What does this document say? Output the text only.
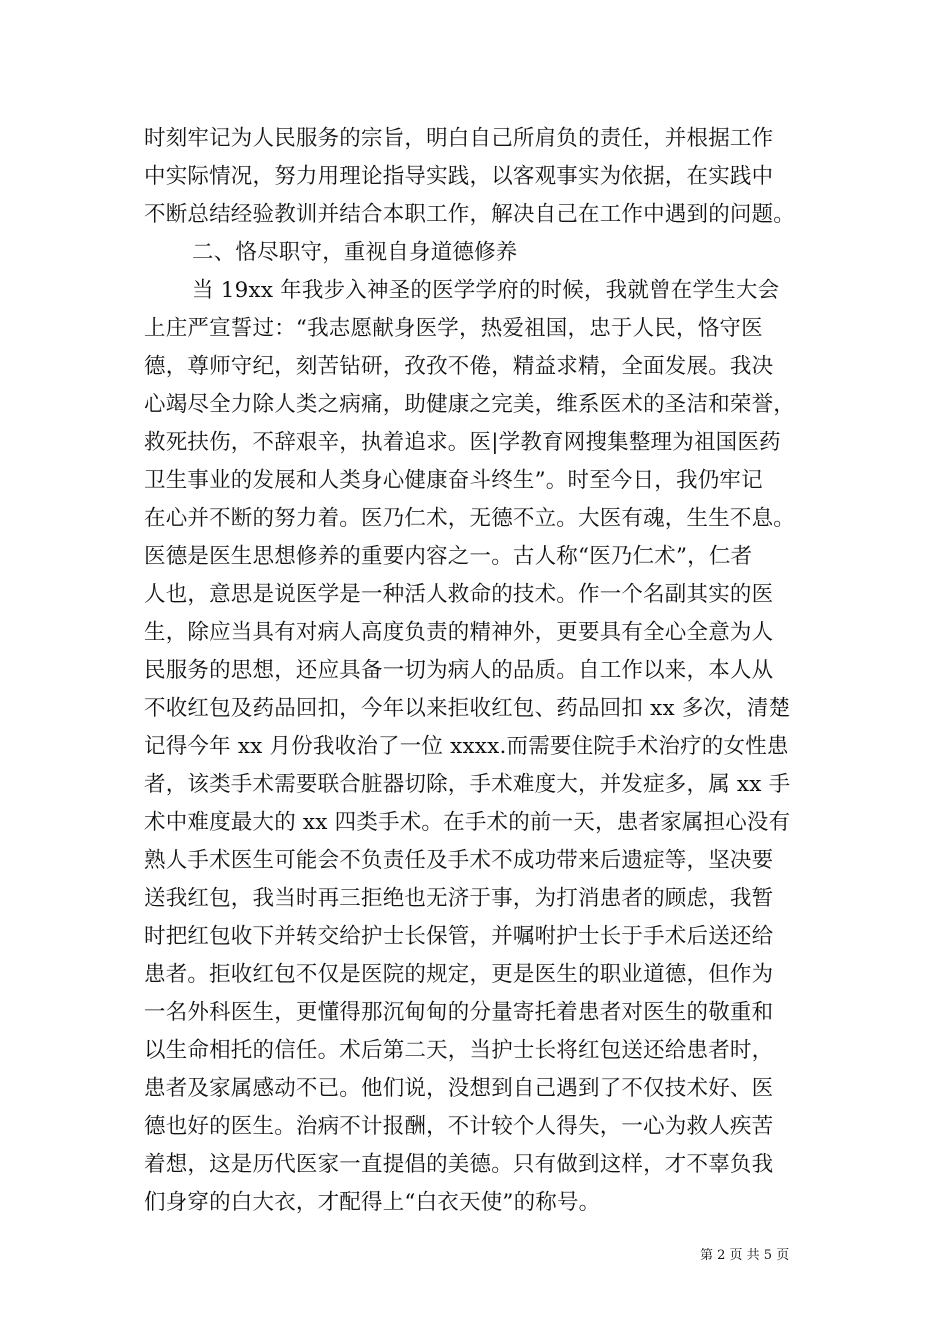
时刻牢记为人民服务的宗旨，明白自己所肩负的责任，并根据工作
中实际情况，努力用理论指导实践，以客观事实为依据，在实践中
不断总结经验教训并结合本职工作，解决自己在工作中遇到的问题。
二、恪尽职守，重视自身道德修养
当 19xx 年我步入神圣的医学学府的时候，我就曾在学生大会
上庄严宣誓过：“我志愿献身医学，热爱祖国，忠于人民，恪守医
德，尊师守纪，刻苦钻研，孜孜不倦，精益求精，全面发展。我决
心竭尽全力除人类之病痛，助健康之完美，维系医术的圣洁和荣誉，
救死扶伤，不辞艰辛，执着追求。医|学教育网搜集整理为祖国医药
卫生事业的发展和人类身心健康奋斗终生”。时至今日，我仍牢记
在心并不断的努力着。医乃仁术，无德不立。大医有魂，生生不息。
医德是医生思想修养的重要内容之一。古人称“医乃仁术”，仁者
人也，意思是说医学是一种活人救命的技术。作一个名副其实的医
生，除应当具有对病人高度负责的精神外，更要具有全心全意为人
民服务的思想，还应具备一切为病人的品质。自工作以来，本人从
不收红包及药品回扣，今年以来拒收红包、药品回扣 xx 多次，清楚
记得今年 xx 月份我收治了一位 xxxx.而需要住院手术治疗的女性患
者，该类手术需要联合脏器切除，手术难度大，并发症多，属 xx 手
术中难度最大的 xx 四类手术。在手术的前一天，患者家属担心没有
熟人手术医生可能会不负责任及手术不成功带来后遗症等，坚决要
送我红包，我当时再三拒绝也无济于事，为打消患者的顾虑，我暂
时把红包收下并转交给护士长保管，并嘱咐护士长于手术后送还给
患者。拒收红包不仅是医院的规定，更是医生的职业道德，但作为
一名外科医生，更懂得那沉甸甸的分量寄托着患者对医生的敬重和
以生命相托的信任。术后第二天，当护士长将红包送还给患者时，
患者及家属感动不已。他们说，没想到自己遇到了不仅技术好、医
德也好的医生。治病不计报酬，不计较个人得失，一心为救人疾苦
着想，这是历代医家一直提倡的美德。只有做到这样，才不辜负我
们身穿的白大衣，才配得上“白衣天使”的称号。
第 2 页 共 5 页
